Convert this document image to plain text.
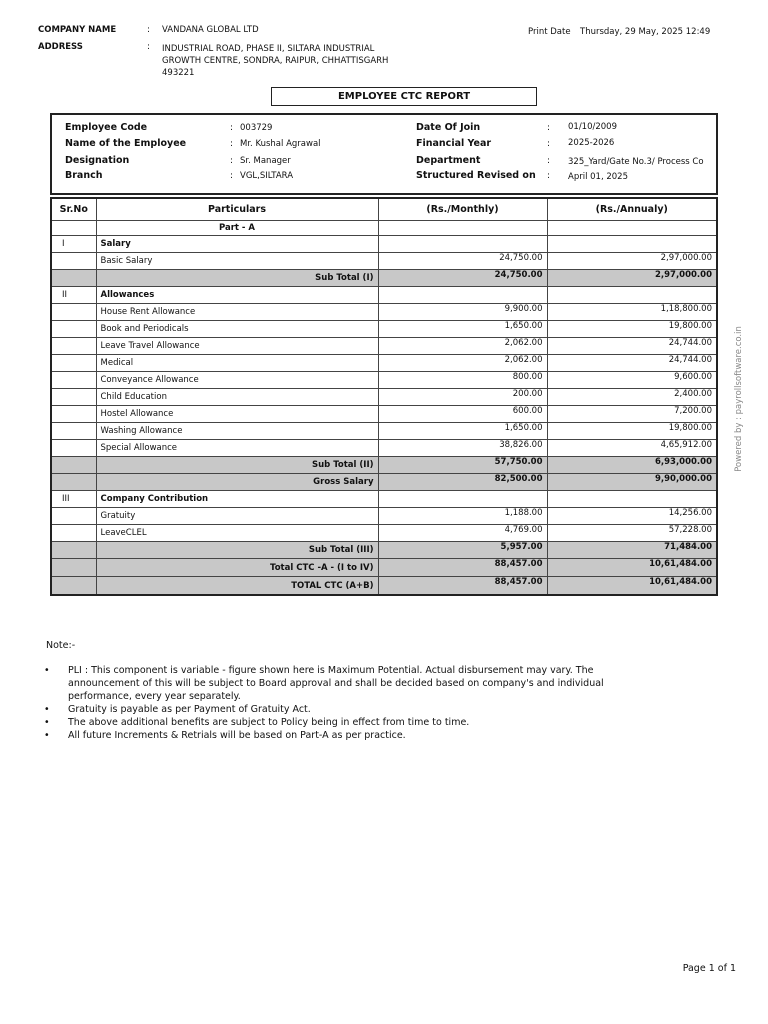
COMPANY NAME	: VANDANA GLOBAL LTD
ADDRESS	: INDUSTRIAL ROAD, PHASE II, SILTARA INDUSTRIAL
GROWTH CENTRE, SONDRA, RAIPUR, CHHATTISGARH
493221
Print Date Thursday, 29 May, 2025 12:49
EMPLOYEE CTC REPORT
Employee Code	: 003729
Name of the Employee	: Mr. Kushal Agrawal
Designation	: Sr. Manager
Branch	: VGL,SILTARA
Date Of Join	: 01/10/2009
Financial Year	: 2025-2026
Department	: 325_Yard/Gate No.3/ Process Co
Structured Revised on : April 01, 2025
Sr.No	Particulars	(Rs./Monthly)	(Rs./Annualy)
	Part - A		
I	Salary		
	Basic Salary	24,750.00	2,97,000.00
	Sub Total (I)	24,750.00	2,97,000.00
II	Allowances		
	House Rent Allowance	9,900.00	1,18,800.00
	Book and Periodicals	1,650.00	19,800.00
	Leave Travel Allowance	2,062.00	24,744.00
	Medical	2,062.00	24,744.00
	Conveyance Allowance	800.00	9,600.00
	Child Education	200.00	2,400.00
	Hostel Allowance	600.00	7,200.00
	Washing Allowance	1,650.00	19,800.00
	Special Allowance	38,826.00	4,65,912.00
	Sub Total (II)	57,750.00	6,93,000.00
	Gross Salary	82,500.00	9,90,000.00
III	Company Contribution		
	Gratuity	1,188.00	14,256.00
	LeaveCLEL	4,769.00	57,228.00
	Sub Total (III)	5,957.00	71,484.00
	Total CTC -A - (I to IV)	88,457.00	10,61,484.00
	TOTAL CTC (A+B)	88,457.00	10,61,484.00
Powered by : payrollsoftware.co.in
Note:-
• PLI : This component is variable - figure shown here is Maximum Potential. Actual disbursement may vary. The announcement of this will be subject to Board approval and shall be decided based on company's and individual performance, every year separately.
• Gratuity is payable as per Payment of Gratuity Act.
• The above additional benefits are subject to Policy being in effect from time to time.
• All future Increments & Retrials will be based on Part-A as per practice.
Page 1 of 1
